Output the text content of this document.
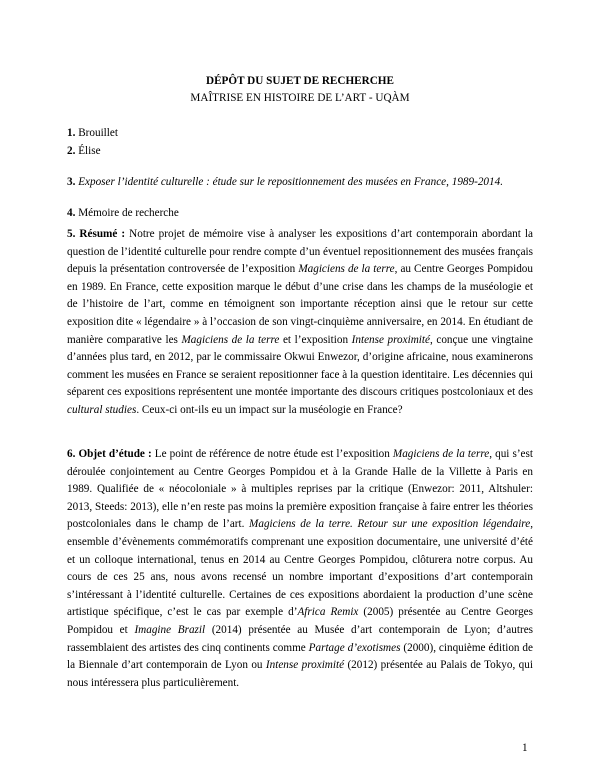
DÉPÔT DU SUJET DE RECHERCHE
MAÎTRISE EN HISTOIRE DE L’ART - UQÀM
1. Brouillet
2. Élise
3. Exposer l’identité culturelle : étude sur le repositionnement des musées en France, 1989-2014.
4. Mémoire de recherche
5. Résumé : Notre projet de mémoire vise à analyser les expositions d’art contemporain abordant la question de l’identité culturelle pour rendre compte d’un éventuel repositionnement des musées français depuis la présentation controversée de l’exposition Magiciens de la terre, au Centre Georges Pompidou en 1989. En France, cette exposition marque le début d’une crise dans les champs de la muséologie et de l’histoire de l’art, comme en témoignent son importante réception ainsi que le retour sur cette exposition dite « légendaire » à l’occasion de son vingt-cinquième anniversaire, en 2014. En étudiant de manière comparative les Magiciens de la terre et l’exposition Intense proximité, conçue une vingtaine d’années plus tard, en 2012, par le commissaire Okwui Enwezor, d’origine africaine, nous examinerons comment les musées en France se seraient repositionner face à la question identitaire. Les décennies qui séparent ces expositions représentent une montée importante des discours critiques postcoloniaux et des cultural studies. Ceux-ci ont-ils eu un impact sur la muséologie en France?
6. Objet d’étude : Le point de référence de notre étude est l’exposition Magiciens de la terre, qui s’est déroulée conjointement au Centre Georges Pompidou et à la Grande Halle de la Villette à Paris en 1989. Qualifiée de « néocoloniale » à multiples reprises par la critique (Enwezor: 2011, Altshuler: 2013, Steeds: 2013), elle n’en reste pas moins la première exposition française à faire entrer les théories postcoloniales dans le champ de l’art. Magiciens de la terre. Retour sur une exposition légendaire, ensemble d’évènements commémoratifs comprenant une exposition documentaire, une université d’été et un colloque international, tenus en 2014 au Centre Georges Pompidou, clôturera notre corpus. Au cours de ces 25 ans, nous avons recensé un nombre important d’expositions d’art contemporain s’intéressant à l’identité culturelle. Certaines de ces expositions abordaient la production d’une scène artistique spécifique, c’est le cas par exemple d’Africa Remix (2005) présentée au Centre Georges Pompidou et Imagine Brazil (2014) présentée au Musée d’art contemporain de Lyon; d’autres rassemblaient des artistes des cinq continents comme Partage d’exotismes (2000), cinquième édition de la Biennale d’art contemporain de Lyon ou Intense proximité (2012) présentée au Palais de Tokyo, qui nous intéressera plus particulièrement.
1
